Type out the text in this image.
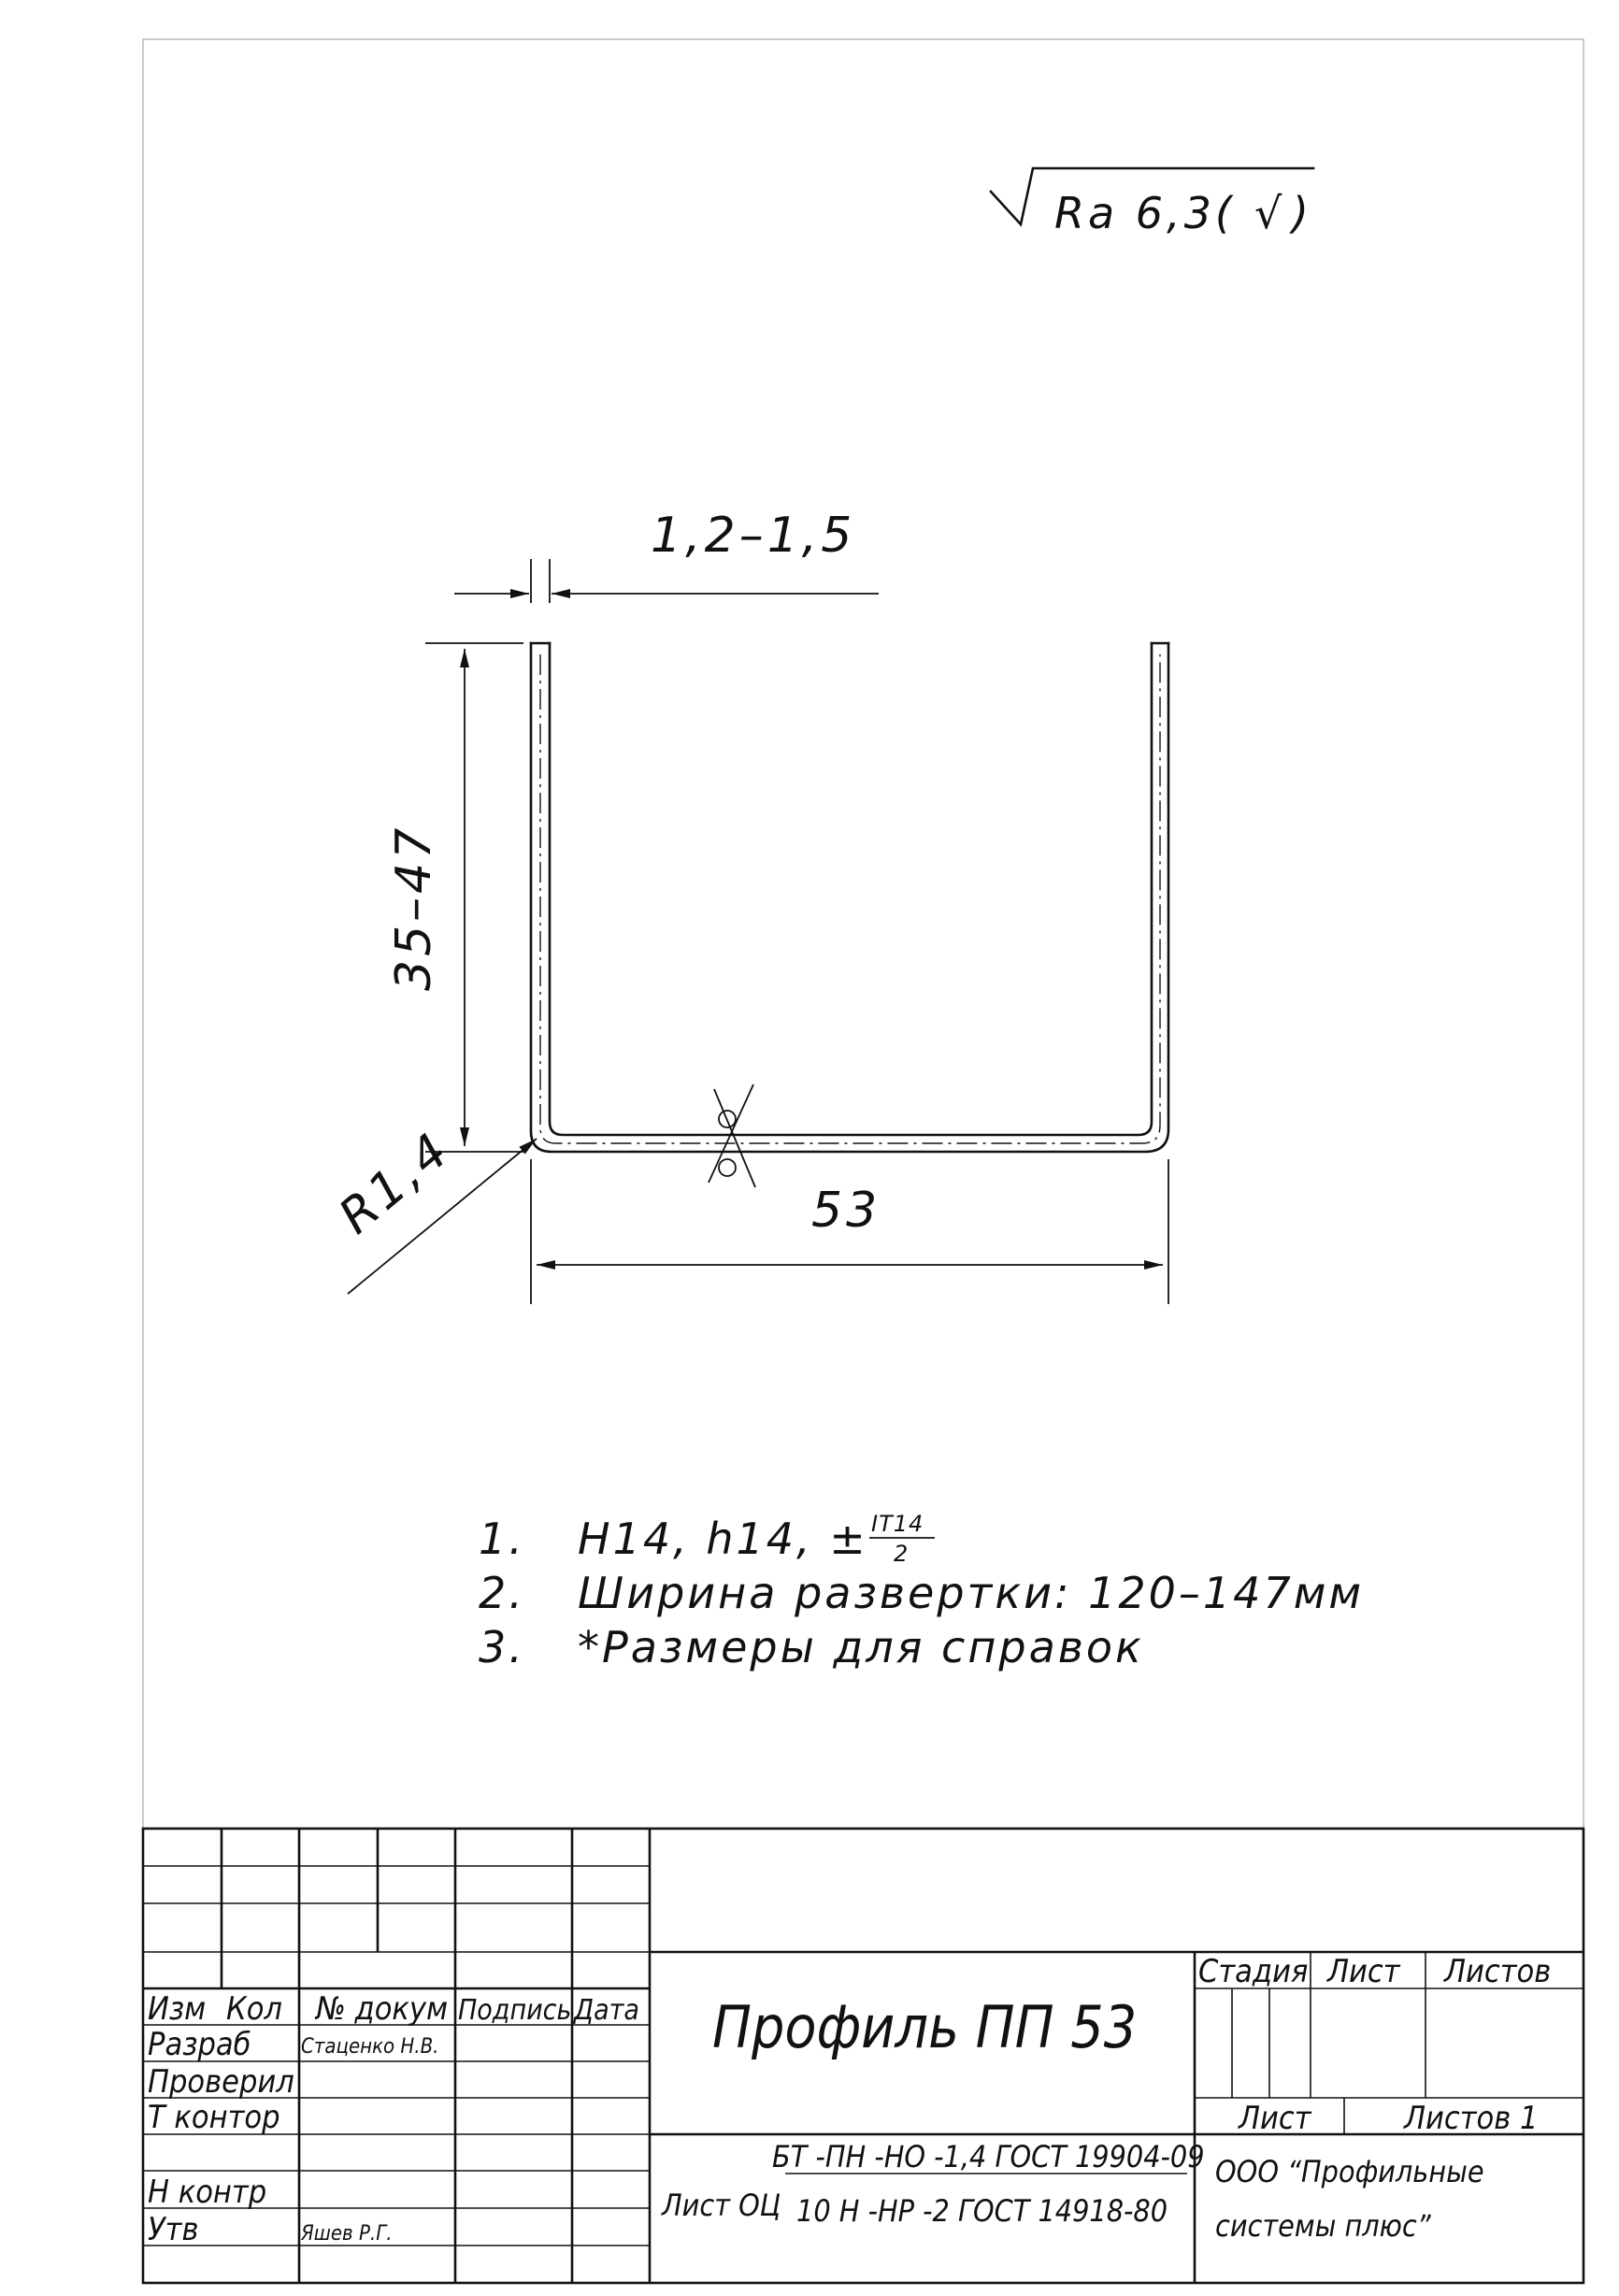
Ra 6,3( √ )
1,2–1,5
35–47
R1,4	53
1. H14, h14, ± IT14
2
2. Ширина развертки: 120–147мм
3. *Размеры для справок
Изм Кол № докум Подпись Дата
Разраб Стаценко Н.В.
Проверил
Т контор
Н контр
Утв	Яшев Р.Г.
Профиль ПП 53
Стадия Лист Листов
Лист	Листов 1
БТ -ПН -НО -1,4 ГОСТ 19904-09
Лист ОЦ 10 Н -НР -2 ГОСТ 14918-80
ООО “Профильные
системы плюс”
